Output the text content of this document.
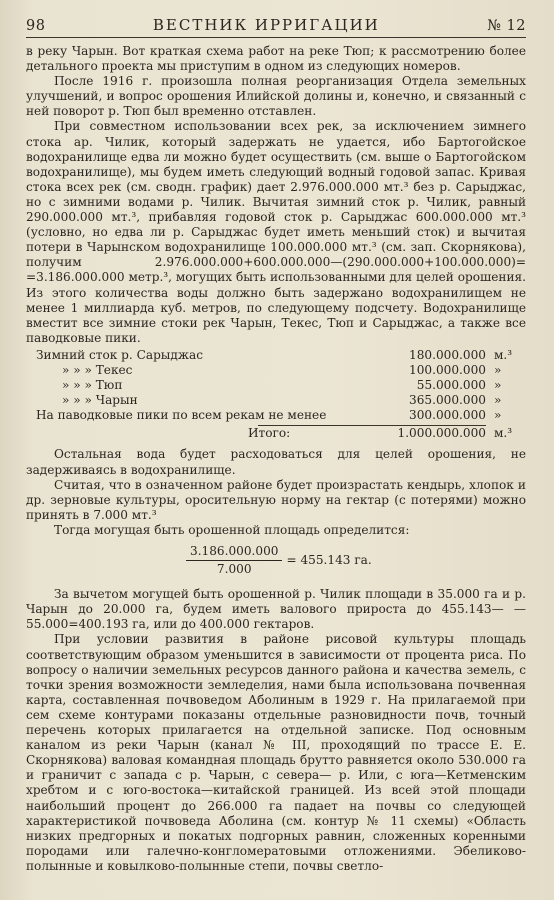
98	ВЕСТНИК ИРРИГАЦИИ	№ 12

в реку Чарын. Вот краткая схема работ на реке Тюп; к рассмотрению более детального проекта мы приступим в одном из следующих номеров.

После 1916 г. произошла полная реорганизация Отдела земельных улучшений, и вопрос орошения Илийской долины и, конечно, и связанный с ней поворот р. Тюп был временно отставлен.

При совместном использовании всех рек, за исключением зимнего стока ар. Чилик, который задержать не удается, ибо Бартогойское водохранилище едва ли можно будет осуществить (см. выше о Бартогойском водохранилище), мы будем иметь следующий водный годовой запас. Кривая стока всех рек (см. сводн. график) дает 2.976.000.000 мт.³ без р. Сарыджас, но с зимними водами р. Чилик. Вычитая зимний сток р. Чилик, равный 290.000.000 мт.³, прибавляя годовой сток р. Сарыджас 600.000.000 мт.³ (условно, но едва ли р. Сарыджас будет иметь меньший сток) и вычитая потери в Чарынском водохранилище 100.000.000 мт.³ (см. зап. Скорнякова), получим 2.976.000.000+600.000.000—(290.000.000+100.000.000)= =3.186.000.000 метр.³, могущих быть использованными для целей орошения. Из этого количества воды должно быть задержано водохранилищем не менее 1 миллиарда куб. метров, по следующему подсчету. Водохранилище вместит все зимние стоки рек Чарын, Текес, Тюп и Сарыджас, а также все паводковые пики.

Зимний сток р. Сарыджас	180.000.000	м.³
» » » Текес	100.000.000	»
» » » Тюп	55.000.000	»
» » » Чарын	365.000.000	»
На паводковые пики по всем рекам не менее	300.000.000	»
Итого:	1.000.000.000	м.³

Остальная вода будет расходоваться для целей орошения, не задерживаясь в водохранилище.

Считая, что в означенном районе будет произрастать кендырь, хлопок и др. зерновые культуры, оросительную норму на гектар (с потерями) можно принять в 7.000 мт.³

Тогда могущая быть орошенной площадь определится:

$\frac{3.186.000.000}{7.000} = 455.143$ га.

За вычетом могущей быть орошенной р. Чилик площади в 35.000 га и р. Чарын до 20.000 га, будем иметь валового прироста до 455.143— —55.000=400.193 га, или до 400.000 гектаров.

При условии развития в районе рисовой культуры площадь соответствующим образом уменьшится в зависимости от процента риса. По вопросу о наличии земельных ресурсов данного района и качества земель, с точки зрения возможности земледелия, нами была использована почвенная карта, составленная почвоведом Аболиным в 1929 г. На прилагаемой при сем схеме контурами показаны отдельные разновидности почв, точный перечень которых прилагается на отдельной записке. Под основным каналом из реки Чарын (канал № III, проходящий по трассе Е. Е. Скорнякова) валовая командная площадь брутто равняется около 530.000 га и граничит с запада с р. Чарын, с севера— р. Или, с юга—Кетменским хребтом и с юго-востока—китайской границей. Из всей этой площади наибольший процент до 266.000 га падает на почвы со следующей характеристикой почвоведа Аболина (см. контур № 11 схемы) «Область низких предгорных и покатых подгорных равнин, сложенных коренными породами или галечно-конгломератовыми отложениями. Эбеликово-полынные и ковылково-полынные степи, почвы светло-
